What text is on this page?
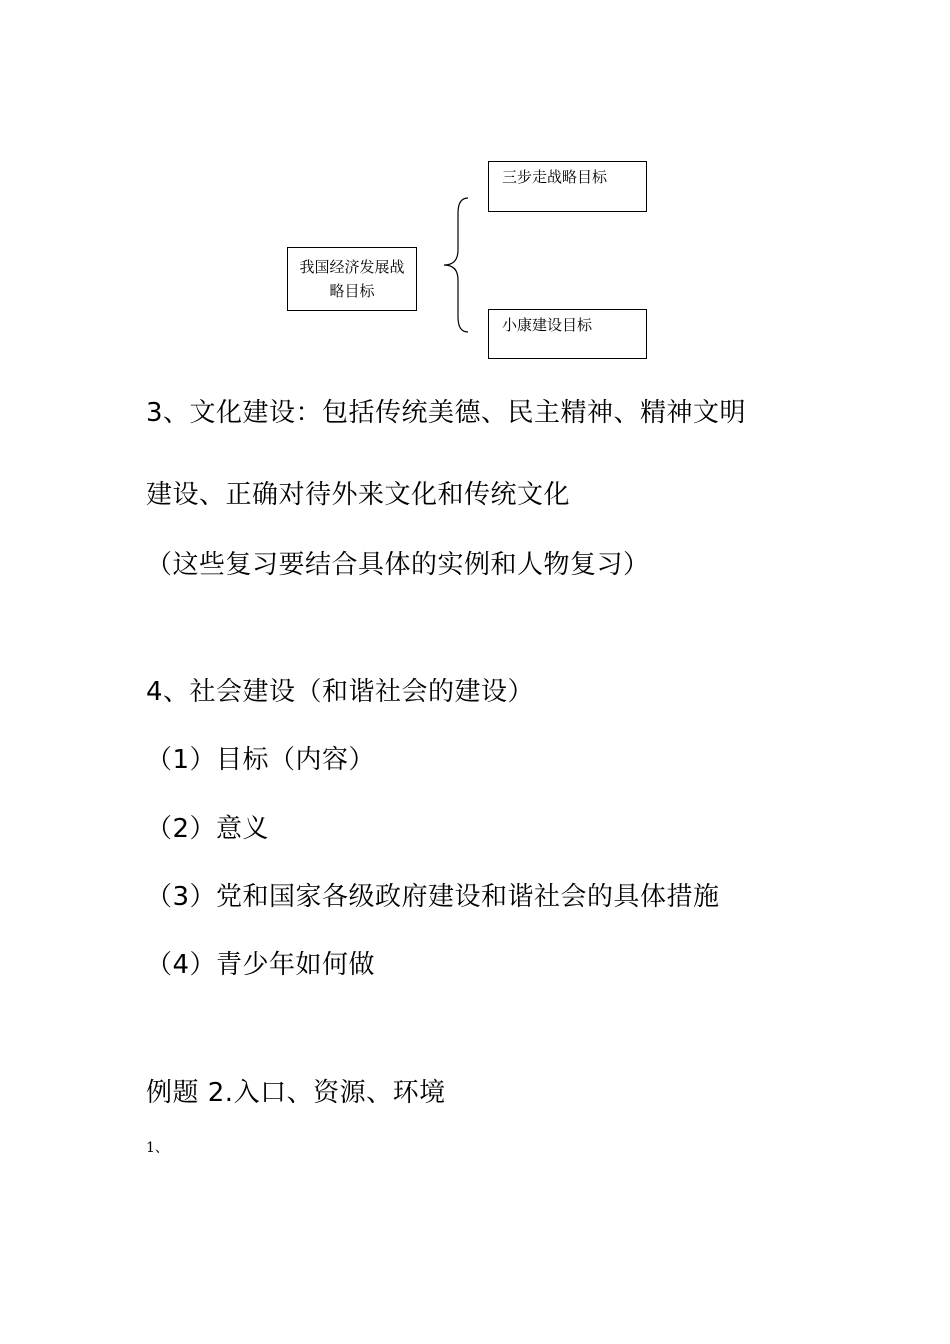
我国经济发展战略目标
三步走战略目标
小康建设目标
3、文化建设：包括传统美德、民主精神、精神文明
建设、正确对待外来文化和传统文化
（这些复习要结合具体的实例和人物复习）
4、社会建设（和谐社会的建设）
（1）目标（内容）
（2）意义
（3）党和国家各级政府建设和谐社会的具体措施
（4）青少年如何做
例题 2.入口、资源、环境
1、
